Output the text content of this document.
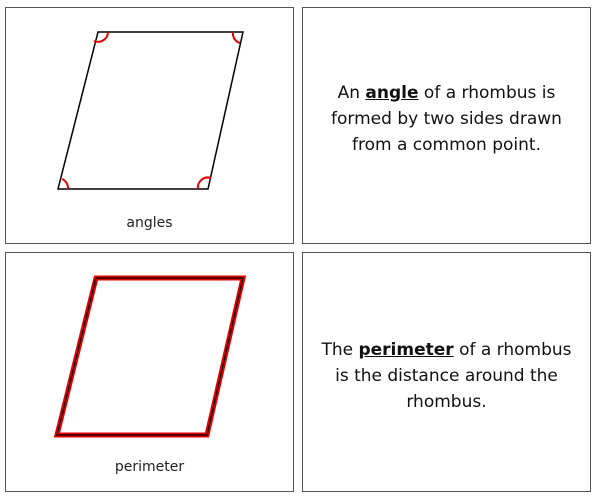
angles
An angle of a rhombus is formed by two sides drawn from a common point.
perimeter
The perimeter of a rhombus is the distance around the rhombus.
